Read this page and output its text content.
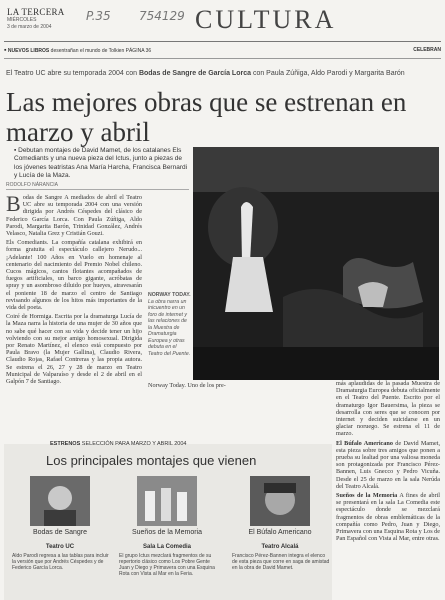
LA TERCERA
MIÉRCOLES
3 de marzo de 2004
P.35 754129 CULTURA
▪ NUEVOS LIBROS desentrañan el mundo de Tolkien PÁGINA 36	CELEBRAN
El Teatro UC abre su temporada 2004 con Bodas de Sangre de García Lorca con Paula Zúñiga, Aldo Parodi y Margarita Barón
Las mejores obras que se estrenan en marzo y abril
▪ Debutan montajes de David Mamet, de los catalanes Els Comediants y una nueva pieza del Ictus, junto a piezas de los jóvenes teatristas Ana María Harcha, Francisca Bernardi y Lucía de la Maza.
RODOLFO NÁRANCIA
Bodas de Sangre A mediados de abril el Teatro UC abre su temporada 2004 con una versión dirigida por Andrés Céspedes del clásico de Federico García Lorca. Con Paula Zúñiga, Aldo Parodi, Margarita Barón, Trinidad González, Andrés Velasco, Natalia Grez y Cristián Gouzi.

Els Comediants. La compañía catalana exhibirá en forma gratuita el espectáculo callejero Nerudo... ¡Adelante! 100 Años en Vuelo en homenaje al centenario del nacimiento del Premio Nobel chileno. Cucos mágicos, cantos flotantes acompañados de fuegos artificiales, un barco gigante, acróbatas de spray y un asombroso diluido por hueyes, atravesarán el poniente 18 de marzo el centro de Santiago revisando algunos de los hitos más importantes de la vida del poeta.

Coiré de Hormiga. Escrita por la dramaturga Lucía de la Maza narra la historia de una mujer de 30 años que no sabe qué hacer con su vida y decide tener un hijo volviendo con su mejor amigo homosexual. Dirigida por Renato Martínez, el elenco está compuesto por Paula Bravo (la Mujer Gallina), Claudio Rivera, Claudio Rojas, Rafael Contreras y las propia autora. Se estrena el 26, 27 y 28 de marzo en Teatro Municipal de Valparaíso y desde el 2 de abril en el Galpón 7 de Santiago.

NORWAY TODAY. La obra narra un inicuentro en un foro de internet y las relaciones de la Muestra de Dramaturgia Europea y otras debuta en el Teatro del Puente.
Norway Today. Uno de los pre-	más aplaudidas de la pasada Muestra de Dramaturgia Europea debuta oficialmente en el Teatro del Puente. Escrito por el dramaturgo Igor Bauersima, la pieza se desarrolla con seres que se conocen por internet y deciden suicidarse en un glaciar noruego. Se estrena el 11 de marzo.

El Búfalo Americano de David Mamet, esta pieza sobre tres amigos que ponen a prueba su lealtad por una valiosa moneda son protagonizada por Francisco Pérez-Bannen, Luis Gnecco y Pedro Vicuña. Desde el 25 de marzo en la sala Nerúda del Teatro Alcalá.

Sueños de la Memoria A fines de abril se presentará en la sala La Comedia este espectáculo donde se mezclará fragmentos de obras emblemáticas de la compañía como Pedro, Juan y Diego, Primavera con una Esquina Rota y Los de Pan Español con Vista al Mar, entre otras.

ESTRENOS SELECCIÓN PARA MARZO Y ABRIL 2004
Los principales montajes que vienen
Bodas de Sangre	Sueños de la Memoria	El Búfalo Americano
Teatro UC	Sala La Comedia	Teatro Alcalá
Aldo Parodi regresa a las tablas para incluir la versión que por Andrés Céspedes y de Federico García Lorca.
El grupo Ictus mezclará fragmentos de su repertorio clásico como Los Pobre Gente Juan y Diego y Primavera con una Esquina Rota con Vista al Mar en la Feria.
Francisco Pérez-Bannen integra el elenco de esta pieza que corre en saga de amistad en la obra de David Mamet.
